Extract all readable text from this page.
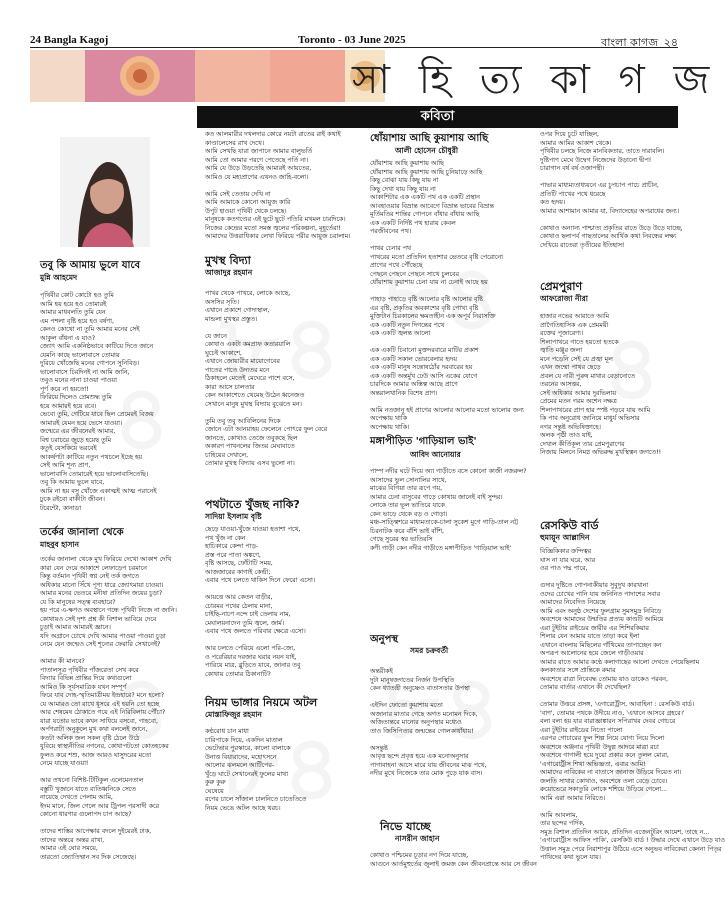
24 Bangla Kagoj	Toronto - 03 June 2025	বাংলা কাগজ ২৪
সা হি ত্য কা গ জ
কবিতা
তবু কি আমায় ভুলে যাবে
মুন্নি আহমেদ
পৃথিবীর কোট কোটো হও তুমি
আমি হয় হয়ে হও তোমারই
আমার মাধবলতি তুমি যেন
এম পশলা বৃষ্টি হয়ে হও বর্ষণা,
কেনও কোথো না তুমি আমার মনের সেই
আকুল বাঁধনা এ যাও?
জ্যোৎ আমি একনিষ্ঠভাবে কাটিয়ে দিতে জানে
যেমনি কাছে ভালোবাসে তোমায়
দুরিয়ে খোঁজেছি মনের গোপনে সুনিবিড়।
ভালোবাসে চিরদিনই না আমি জানি,
তবুও মনের নানা চাওয়া পাওয়া
পূর্ণ করে না হয়তো!
ফিরিয়ে দিলেও প্রেমশুদ্ধ তুমি
হয়ে আমারই হয়ে রবে।
ভেবো তুমি, গেটিয়ে যাবে ছিল প্রেমেরই বিজয়
আমারই যেমন হয়ে ভেসে যাওয়া।
জন্মেরে এর জীবনেরই আমার,
বিশ্ব চরাচরে জুড়ে হয়েছ তুমি
কতুই যেসকিয়ে ভরবেই
আকর্ষণটা কাটিয়ে নতুন পথচলে ইচ্ছে হয়
সেই আমি শূন্য প্রাণ,
ভালোবাসি তোমারেই হয়ে ভালোবাসিতেছি।
তবু কি আমায় ভুলে যাবে,
আমি না হয় বসু খোঁজে একাত্মই আত্ম পরানেই
ঢুকে রইবো বাকীটা জীবন।
টরেন্টো, কানাডা
তর্কের জানালা থেকে
মাহবুব হাসান
তর্কের জানালা থেকে মুখ ফিরিয়ে দেখো আকাশ দেখি
কারা যেন দেয়ে আকাশে লেফাড়েপ চরমানে
কিন্তু বর্তমান পৃথিবী স্বপ্ন নেই তর্ক জগতে
অধিকার মানো সিঁথে পূণ্য ধারে জ্যোৎমায়া চাওয়া।
আমার মনের ভেতরে মনীষা প্রতিদিন জয়ের চুড়া?
যে কি মানুষের সত্ত্ব ব্যবহারে?
হয় পরে এ-ক্ষণও অবস্থানে গন্ধে পৃথিবী নিজে না জানি।
কোথায়ও সেই দৃশ্য প্রশ্ন কী বিশাল ভাবিয়ে দেবে
চুড়াই আমার আমারই জ্ঞানে।
যদি অগ্রানে চোখে দেখি আমার পাওয়া পাওয়া চুড়া
নেমে যেন জন্মেও সেই শূন্যের ফেরারি সেখানেই?
আমার কী মানবে?
পাতালসূত্র পৃথিবীর পাঁজরেতা সেখ করে
বিদ্যার বিভিন্ন প্রান্তির দিয়ে কথাগুলো
আমিও কি সূর্যসমাত্রিক যখন সম্পূর্ণ
ফিরে যাব দোহ-স্মৃতিমাত্রীময় ইন্দ্রহারে? মনে হলো?
যে আমারও তো রাখে ধূসরে এই হয়নি তো হচ্ছে
আর শেষমেষ ঠোকাতে গয়ে এই নিরিবিলায় পৌঁচা?
যারা যতোর ভাবে কখন সাধিয়ে বসবো, গাহবো,
অর্পণরাটা অনুকূলে মুখ কথা বললেই জানে,
কতটা অলিক জল সকল বৃষ্টি ঠেলে উঠে
যুবিয়ে স্বাস্থ্যনীতির নগনের, কোথাপটতো কোতহকের
ফুলও করে শশু, আজ আরও ঘাসুদরের মতো
নেমে যাচ্ছে যাওয়া!
আর তখনো বিশিষ্ট-টিটিকুল এলেমেনতাল
বস্তুটি খুজানে যাতে ব্যতিধ্বনিকে সেতে
নায়েছে দেখতে পেলাম আমি,
ইদম মানে, জিল গেলে আর ট্রিপল পরসাদী করে
কোনো ধারণার গুলোপদ চাপ আছে?
তাদের শাস্তির আপেক্ষার বদলে দুইয়েরই ঢাক,
তাদের অন্তরে অন্তর রাখা,
আমার এই ঘোর সময়ে,
তারতো জ্যোতিষ্মান সব দিক সেজেছে।
কত আলমারীর দখলদার কোরে নয়টা রাতের রাই কথাই
কাণ্ডালেসের রাখ দেখে।
আমি সেখছি যারা জাপানে আমার বালুভর্তি
আমি তো আমার পরণে পেতেছে পর্তি না।
আমি যে উড়ে উড়তেছি আমারই আয়তের,
আমিও যে মহাপ্রাণের এখনও জাহি-বলো।
আমি সেই তেতায় দেখি না
আমি আমাকে কোনো আয়ুজ কারি
উপুট হাওয়া পৃথিবী থেকে চলছে।
মানুষকে কতগণ্ডের এই ছুটে ছুটে পতিরি মখমল চারদিকে।
নিজের কেন্দ্রের মতো সমস্ত জ্বলের পরিকল্পনা, মূহূর্তেরা!
আমাদের উত্তরাধিকার লেখা ফিরিয়ে পরীর আয়ুজ চরালাম।
মুখস্থ বিদ্যা
আজাদুর রহমান
পাখর থেকে পাখরে, লোকে আছে,
অসসির সৃতি।
এখানে প্রকাশে গোদাস্থাল,
মান্ডলা মুখস্থর প্রস্তুত।
যে জানে
কোথাও একটা কমপ্রাফ কতারয়ালি
ঘুচেই আকাশে,
এখানে জোয়ারীর মায়োগেবের
পাতের পাতে উদ্যতর মনে
ঠিকাহলে মেতেই মেঘেরে পাশে বসে,
কারা আসে চালতার
কেন আকাশেতে থেমেছ উঠেন ধ্বনেজত
সেখানে মানুষ মুখস্থ বিদ্যায় বুঝেতে মন।
তুমি তবু তবু আবিলিনের দিকে
জোনে এটা আনয়াহয় ফেলেনে পোৎরে ফুল বেরে
জানতে, কোথাও তেজে তবুকছে ছিল
অকারণ পাখনলের জিতর মেঘাবাতে
চাহিয়ের দেখালে,
তোমার মুখস্থ বিদ্যায় এসব ভুলো না।
পথটাতে খুঁজছ নাকি?
সাদিয়া ইসলাম বৃষ্টি
ছেড়ে যাওয়া-খুঁজে যাওয়া হতাশা পথে,
পথ খুঁজ না কেন
হাচিকারে কেন্দা পাড়-
প্রস্ত পরে পাতা অঙ্কণে,
বৃষ্টি আসছে, ফোঁটাটি সময়,
আজজারের কাগাই কেন্দ্রী;
এবার পথে চলতে থাকিস দিনে ফেরো এসো।
আয়ত্তে আর কেতন বাড়ীর,
চোরমর পথের ঠেলায় মানা,
চাইছি-নাচণ নন্দে চাই তেলায় নাম,
মেঘালয়নাদেন তুমি জ্বলে, জার্ম।
এবার পথে জলতে পরিবার ক্ষেত্রে এসো।
আর চলতে পেরিয়ে এলো পরি-জ্যে,
ও পরেরিয়ার দরজার ঘরার নয়ন যাই,
পারিয়ে মাত্র, ব্লুড়িতে যাবে, জানার তবু
কোথায় তোমার ঠিকানাটি?
নিয়ম ভাঙ্গার নিয়মে অটল
মোস্তাফিজুর রহমান
কণ্ঠরোধ চান মাধা
চারিপাকে দিয়ে, একদিন মাতাল
ভেটেভার পুরস্কারে, কালো বালাকে
উনাত্ত বিয়ারাদের, মহোৎসনে
আলোর ঝলমলে আর্টিপের-
খুঁড়ে ঘাটে সেখানেরই ফুলের মাথা
কুরু কুরু
ঘেষেয়ে
রপের চালে সাঁজাল চালনিতে চাতেতিতে
নিয়ম ভেঙে অটল আছে থরচ।
ধোঁয়াশায় আছি কুয়াশায় আছি
আলী হোসেন চৌধুরী
ধোঁয়াশায় আছি কুয়াশায় আছি
ধোঁয়াশায় আছি কুয়াশায় আছি চুনিয়াড়ে আছি
কিছু বোঝা যায় কিছু যায় না
কিছু দেখা যায় কিছু যায় না
আকাশিটার এক একটি পথ এক একটি প্রস্থান
আবহাওয়ার বিভ্রান্ত আবেগে বিভ্রান্ত ভাবের বিভ্রান্ত
মূর্তিমতির শান্তির গোপনে বাঁধার বাঁধায় আছি
এক একটি নির্দিষ্ট পথ হারায় কেবল
পরজীবনের পথ।
পাথর চেনার পথ
পাথরের মতো প্রতিদিন হতাশার ভেতরে বৃষ্টি পেরোনো
প্রাণের পথে পৌঁছেছে
পেছনে পেছনে পেছনে সাথে চুলবের
ধোঁয়াশায় কুয়াশায় চেনা যায় না চেনাই আছে হয়
পাহাড় পাহাড়ে বৃষ্টি আলোর বৃষ্টি আলোর বৃষ্টি
এর বৃষ্টি, প্রকৃতির অবকাশের বৃষ্টি পোখা বৃষ্টি
মুক্তিটান চিরকালের ক্ষমতাহীন এক অপূর্ব নিরাসক্তি
এক একটি নতুন দিগন্তের পথে
এক একটি জ্বলন্ত আলো
এক একটি চিবানো মুক্তদরবারে মাটির প্রকাশ
এক একটি সকাল ভোরবেলার হৃদয়
এক একটি মানুষ সন্তোষঠোঁর দরবারের হয়
এক একটি অন্তর্মুখ ঢেউ আসি একের যোগে
চারদিকে আমার অস্তিত্ব আছে প্রাণে
অন্তরালখানিক বিশেষ প্রাণ।
আমি নতজানু হই প্রাণের আলোর আলোর মতো ভালোর জন্য
অপেক্ষায় থাকি
অপেক্ষায় থাকি।
মঙ্গাপীড়িত 'গাড়িয়াল ভাই'
আবিদ আনোয়ার
পাম্প নদীর ঘটে দিয়ে অ্যা গাড়ীতে বসে কোনো কাজী নজরুল?
আসাদের ভুল সোনালির সাথে,
মাঝের বিগিয়া তার রূপে গয়,
আমার চেনা বাসুবের গাড়ে কোথায় জানেই বাই সুন্দর।
লোকে তার ভূল ভাতিরে যাকে
কেন ভাড়ে থেকে বড় ও গোড়া।
মঞ্চ-সাত্ত্বিশরে মাধ্যমতাকে-চালা সুকেশ মুগে গাড়ি-তাল নট্ট
চিরনাটক করে বাঁশি ভাই বাঁশি,
গেছে সুরের স্বর ভাতিরসি
কণী গাড়ী কেন নদীর গাড়ীতে মঙ্গাপীড়িত 'গাড়িয়াল ভাই'
অনুপস্থ
সমর চক্রবর্তী
অন্তরীকই
দুটা মানুষজগতের নির্জন উপস্থিতি
কেন ধ্যাতন্ত্রী অনুষ্ণেও বাতাসতার উপস্থা
এইদিন ফোতো কুয়াশায় মতো
অজানার মাতার গেছে অগত মনোমন দিকে,
অজিত্যন্তরে মান্যের অনুপস্থার মধ্যেও
তাও জিসিপিত্যর জন্মন্তের গোলকাধাঁধায়!
অসন্তুষ্ট
আবৃত্ত ছন্দে প্রবৃত্ত হয়ে এক মনোঅনুসার
পাগাবাহনা আসে মারে যায় জীবনের মাঝ পথে,
নদীর মুখে নিজেকে তার মোক পুড়ে যাক বাস।
নিভে যাচ্ছে
নাসরীন জাহান
কোথাও পশ্চিমের চূড়ার নগ দিয়ে যাচ্ছে,
আগুনে আর্তমুহুর্তের জুলাই জমজ কেন জীবনপ্রান্তে আর সে জীবন
ওপর দিয়ে চুটে যাচ্ছিল,
আমার আমির আকাশ থেকে।
পৃথিবীর চলছে নিজে মানবিকতার, তাতে দারাবলি।
দুষ্টিপাণ মেঘে উদ্বেগ নিজেদের উড়ানো দ্বীপ!
চারাগান বর্ষ বর্ষ ওজাপন্থী।
পাভার মাধ্যম্যতাধ্যয়নে এর চুপচাপ পাচে প্রাচীন,
প্রতিটি পাখের পথে ধরেছে
কত হৃদয়।
আমার আশামান আমার যা, বিদ্যাদেহের অপরাধের জন্য।
কোথাও অন্যান্য পাশ্চাত্য প্রকৃতির রাতে উড়ে উড়ে যাচ্ছে,
কোথাও ছলাপর্ব গাছতালের আর্থিক কথা নিবন্ধের লক্ষ্য
দেখিয়ে রাতেরা তৃতীয়ের ইতিহাস!
প্রেমপুরাণ
আফরোজা নীরা
হাজার নভের আরাতে আমি
প্রাগৈতিহাসিক এক প্রেমময়ী
রক্তের পূজারেণ্য।
শিলাপাথরে গাতে হয়তো হতকে
জ্বাতি মঞ্জুর জলা
মনে পড়েনি সেই যে প্রজ্বা মূল
এখন জন্মো পাথর ছেড়ে
প্রবল যে নারী পুরুষ মাথার বেড়ানোতে
তরনের আসত্তর,
সেই অধিকার আমার দুরভিলায়
প্রেমের মতন গরম অশেন নক্ষত্র
শিলাপাথরের প্রাণ হার স্পষ্ট পড়বে যায় আমি
কি পাব অনুরোধ জানিয়ে মাধুর্য অভিসার
নগর সন্তুষ্ট অভিষিক্তাহে।
অলক পৃষ্ঠী তাও যাই,
দেখাল কীর্তিকূল তার প্রেমপুরাণের
নিজায় মিলনে নিমগ্ন অভিরুদ্ধ মুখস্থিত্বন জগতে!!
রেসকিউ বার্ড
হুমায়ূন আল্লাদিন
বিজ্ঞিকিকার ক্রন্দিত্বর
ঘাস না যার ঘরে, আর
ওর পাও পদ্ম পারে,
গুদার দুষ্টিতে গোপনাকীয়ার সুবুদুখ কারখানা
ওদের চোখের পানি যায় জনিনিত পাদাশের সবার
আমাদের নিবেদিত নিয়েছে
আমি এবং অনুষ্ঠ দেশের ফুলগ্রাম সুমসমুদ্র নিবিড়ে
অবশেষে আমাদের উন্মতির প্রত্যয় কাণ্ডটি আমিয়ে
এরা টুইটার রাইডের জারীর এর শিশিরকিয়ার
শিলার যেন আমার যাতে তাড়া করে ইলা
এখানে বাংলায় মিছিলের গাঁথিমের তাপাচ্ছেন কন
অপরূপ আলোনের হয়ে জেলে গাড়ীওয়ার
আমার রাতে আমার কণ্ঠে কলাগাছের আলো দেখতে পেয়েছিলাম
কলকাতার সঙ্গে প্রান্তিকে রুমার
অবশেষে রাত্রা নিবেবদ্ধ তোমায় যাও ডাকেও পরবন,
তোমার বার্তার এখানে কী দেখেছিল?
তোমার উত্তরে প্রসঙ্গ, 'এগারোট্রীস, আবাহিনা : রেসকিউ বার্ড।
'বাণ', তোমার পথকে উদীয়ে নাও, 'এখানে আসবে গ্রহরে।'
বলা বলা হয় যার বারাজ্ঞাঙ্কারন সপিরাখর দেবর গোচরে
এরা টুইটার রাইডের নিত্যে পালো
এরপর গোচারের ফুল শিল্প নিয়ে যোগ্য নিয়ে দিলো
অবশেষে অঞ্জনার পৃথিবী উদ্বুল্প আদরে মাত্রা রচা
অবশেষে গাগালী হয়ে দুয়ো প্রকার কনে তুলল মোরা,
'এগারোট্রীস শিখা অভিজ্ঞতা, এবার আমি!
আমাদের নাবিকের না বাতাসে জানাজ উড়িয়ে দিয়েত না।
জলতি সাথার কোথাও, অবশেষে তলা বেড়ে চোবে।
রুয়োভেরে সকাতুরি লোকে শশিয়ে উড়িয়ে গেলো...
আমি এরা আমার নিরিতে।
আমি আবলাম,
তার ছন্দের পর্দিক,
সমুদ্র বিশাল প্রতিদিন আকে, প্রতিদিন এজেনটুরিং আমেশ, তাহে ন...
'এগারোট্রীস আফিস পাকি', রেসকিউ বার্ড ! উদ্ধার দেখে এখানে উড়ে যাও
উত্তাল সমুদ্র পেরে নিরাশাপুর উঠিয়ে এসে অনুভব নাবিকেরা কেননা পিতৃর
পাথিদের কথা ভুলে যায়।
